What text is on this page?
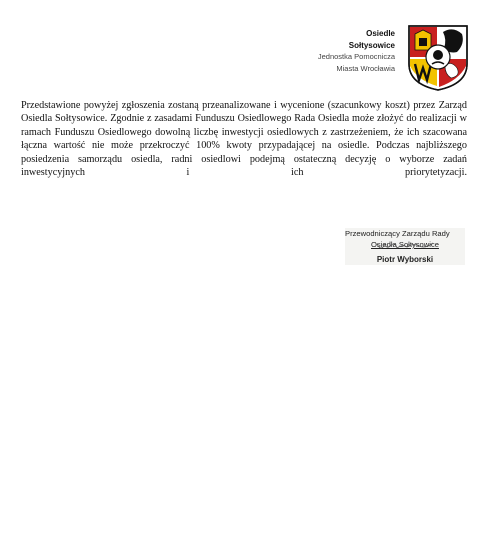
Osiedle
Sołtysowice
Jednostka Pomocnicza
Miasta Wrocławia

Przedstawione powyżej zgłoszenia zostaną przeanalizowane i wycenione (szacunkowy koszt) przez Zarząd Osiedla Sołtysowice. Zgodnie z zasadami Funduszu Osiedlowego Rada Osiedla może złożyć do realizacji w ramach Funduszu Osiedlowego dowolną liczbę inwestycji osiedlowych z zastrzeżeniem, że ich szacowana łączna wartość nie może przekroczyć 100% kwoty przypadającej na osiedle. Podczas najbliższego posiedzenia samorządu osiedla, radni osiedlowi podejmą ostateczną decyzję o wyborze zadań inwestycyjnych i ich priorytetyzacji.

Przewodniczący Zarządu Rady
Osiedla Sołtysowice
Piotr Wyborski
